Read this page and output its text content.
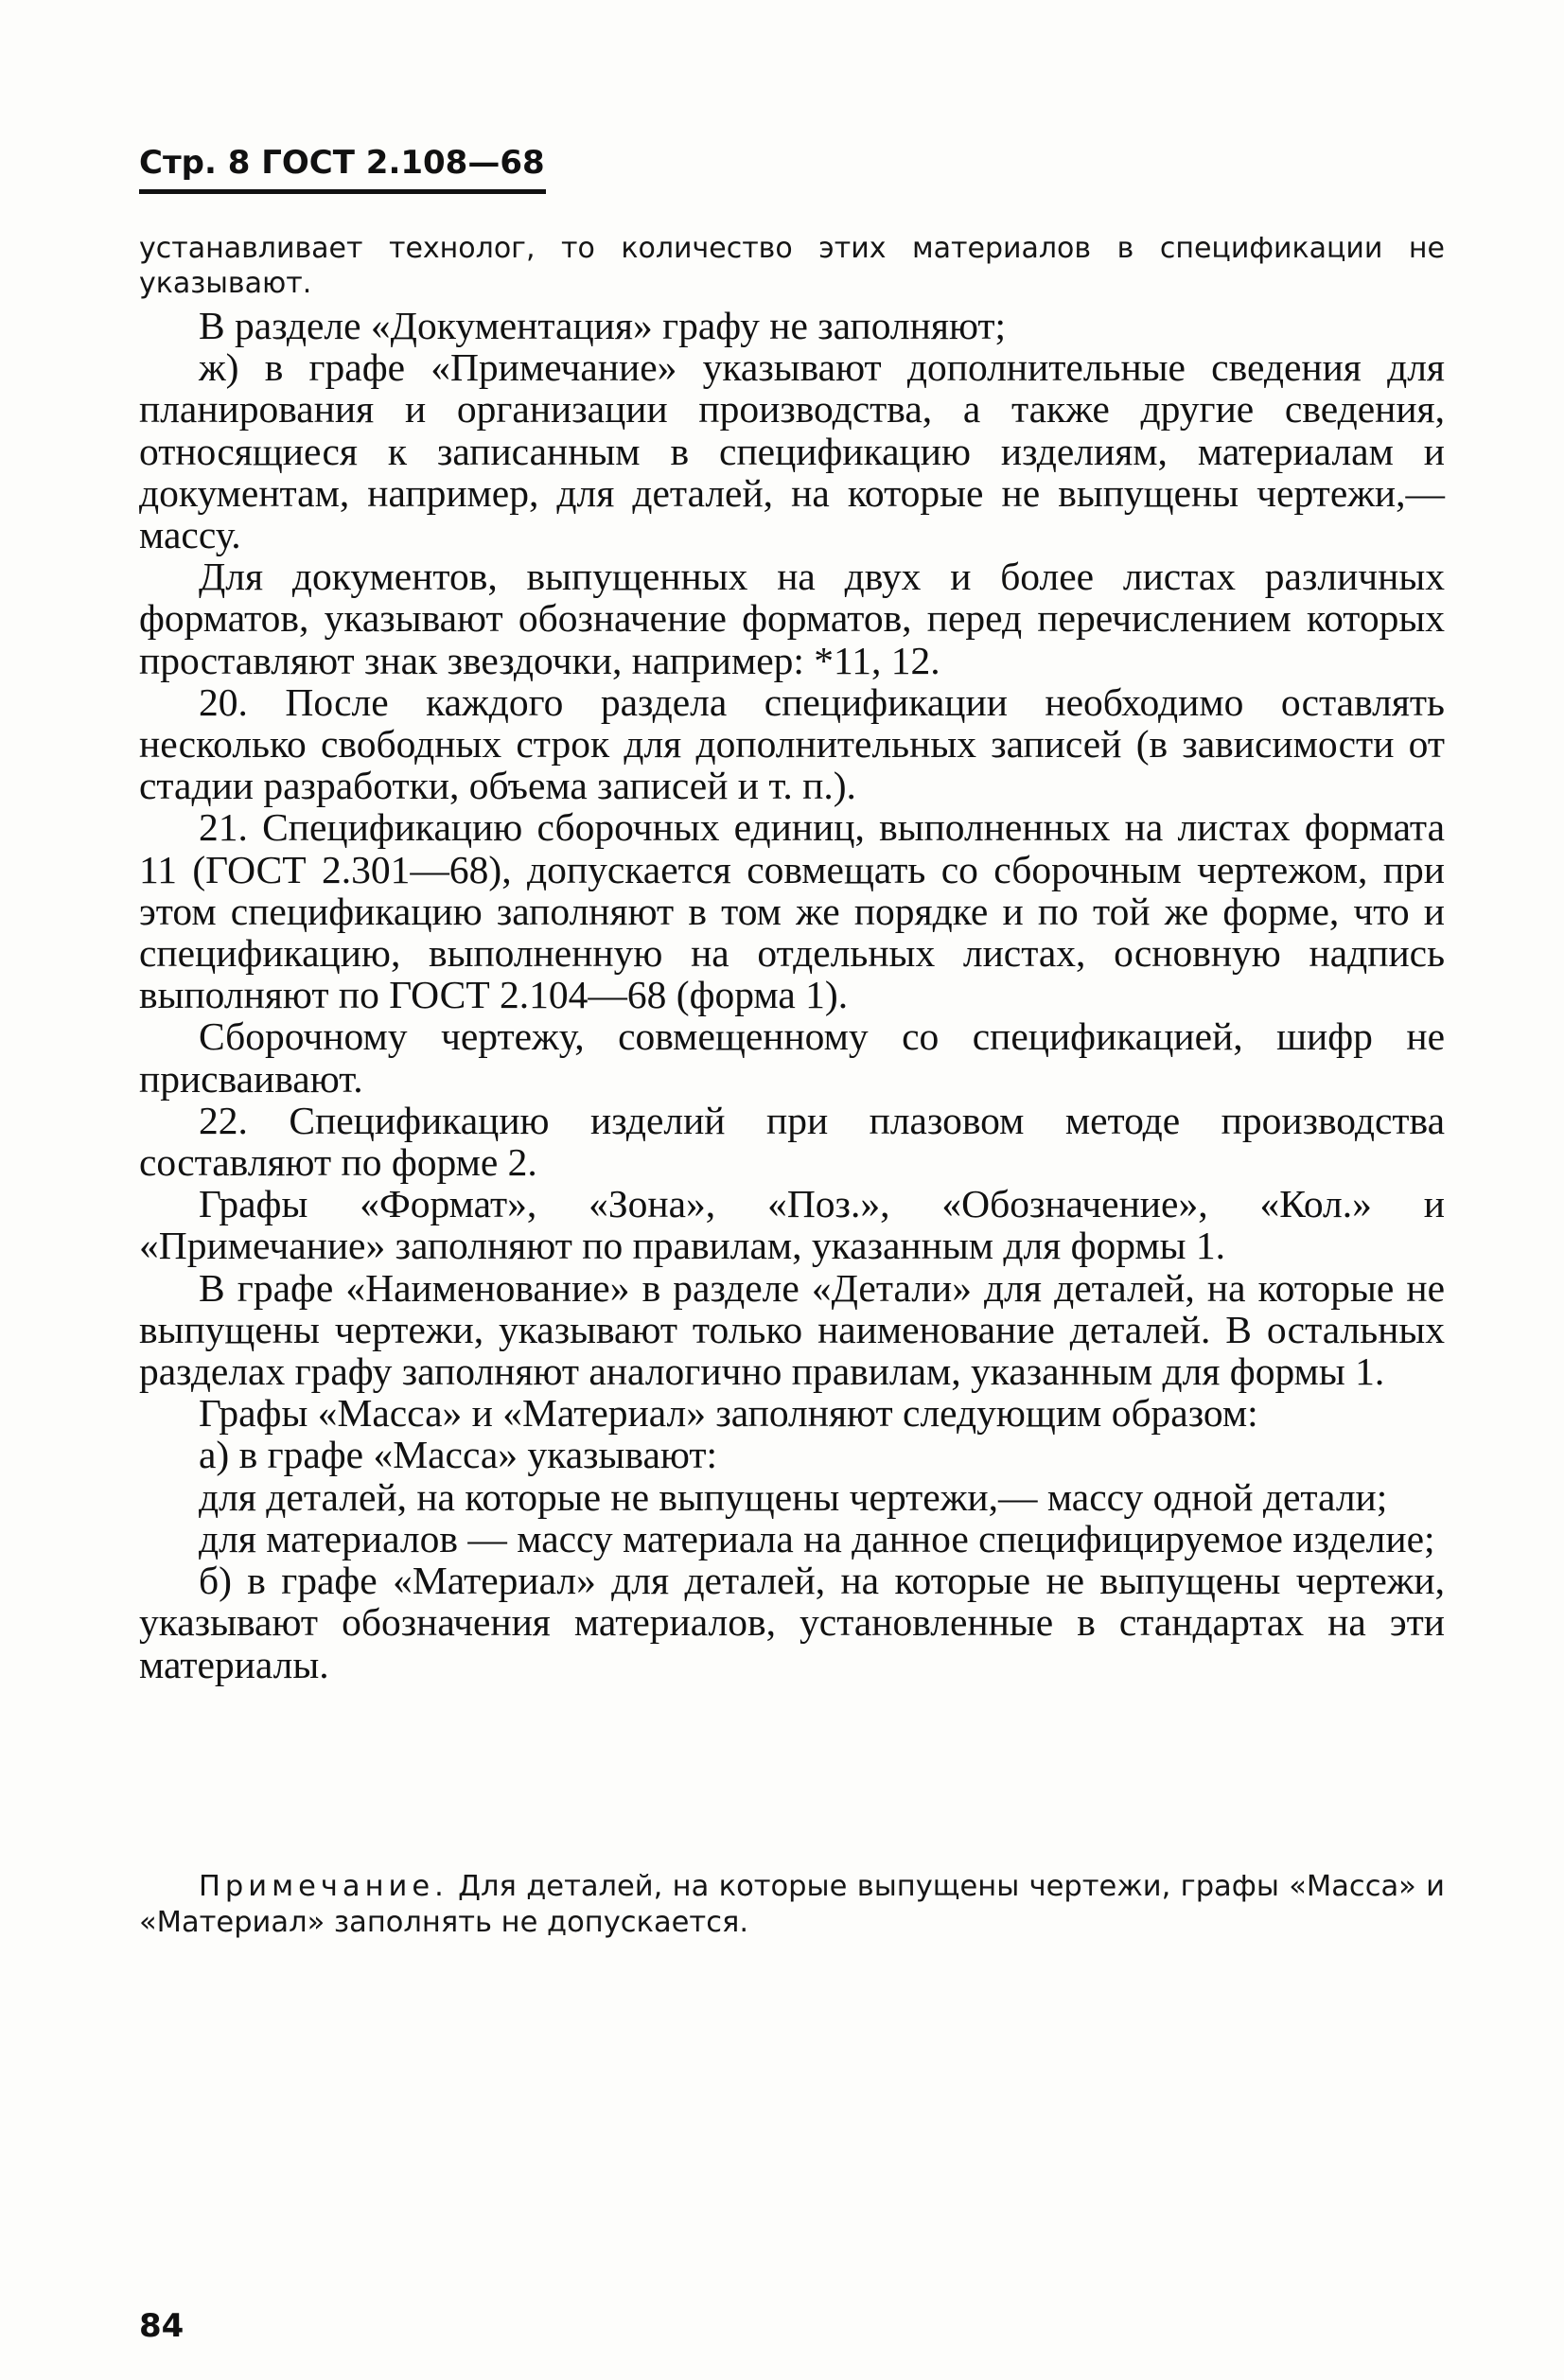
Стр. 8 ГОСТ 2.108—68
устанавливает технолог, то количество этих материалов в спецификации не указывают.

В разделе «Документация» графу не заполняют;

ж) в графе «Примечание» указывают дополнительные сведения для планирования и организации производства, а также другие сведения, относящиеся к записанным в спецификацию изделиям, материалам и документам, например, для деталей, на которые не выпущены чертежи,— массу.

Для документов, выпущенных на двух и более листах различных форматов, указывают обозначение форматов, перед перечислением которых проставляют знак звездочки, например: *11, 12.

20. После каждого раздела спецификации необходимо оставлять несколько свободных строк для дополнительных записей (в зависимости от стадии разработки, объема записей и т. п.).

21. Спецификацию сборочных единиц, выполненных на листах формата 11 (ГОСТ 2.301—68), допускается совмещать со сборочным чертежом, при этом спецификацию заполняют в том же порядке и по той же форме, что и спецификацию, выполненную на отдельных листах, основную надпись выполняют по ГОСТ 2.104—68 (форма 1).

Сборочному чертежу, совмещенному со спецификацией, шифр не присваивают.

22. Спецификацию изделий при плазовом методе производства составляют по форме 2.

Графы «Формат», «Зона», «Поз.», «Обозначение», «Кол.» и «Примечание» заполняют по правилам, указанным для формы 1.

В графе «Наименование» в разделе «Детали» для деталей, на которые не выпущены чертежи, указывают только наименование деталей. В остальных разделах графу заполняют аналогично правилам, указанным для формы 1.

Графы «Масса» и «Материал» заполняют следующим образом:

а) в графе «Масса» указывают:

для деталей, на которые не выпущены чертежи,— массу одной детали;

для материалов — массу материала на данное специфицируемое изделие;

б) в графе «Материал» для деталей, на которые не выпущены чертежи, указывают обозначения материалов, установленные в стандартах на эти материалы.

Примечание. Для деталей, на которые выпущены чертежи, графы «Масса» и «Материал» заполнять не допускается.
84
